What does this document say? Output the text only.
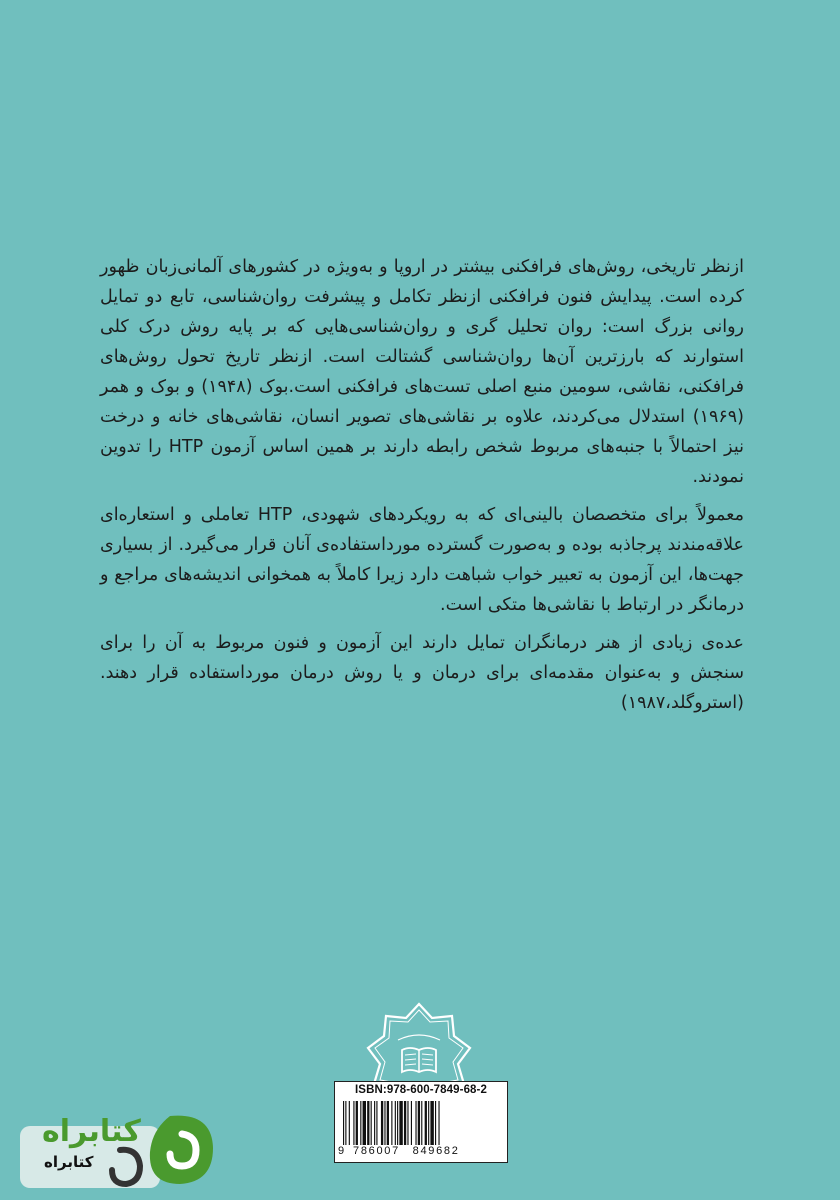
ازنظر تاریخی، روش‌های فرافکنی بیشتر در اروپا و به‌ویژه در کشورهای آلمانی‌زبان ظهور کرده است. پیدایش فنون فرافکنی ازنظر تکامل و پیشرفت روان‌شناسی، تابع دو تمایل روانی بزرگ است: روان تحلیل گری و روان‌شناسی‌هایی که بر پایه روش درک کلی استوارند که بارزترین آن‌ها روان‌شناسی گشتالت است. ازنظر تاریخ تحول روش‌های فرافکنی، نقاشی، سومین منبع اصلی تست‌های فرافکنی است.بوک (۱۹۴۸) و بوک و همر (۱۹۶۹) استدلال می‌کردند، علاوه بر نقاشی‌های تصویر انسان، نقاشی‌های خانه و درخت نیز احتمالاً با جنبه‌های مربوط شخص رابطه دارند بر همین اساس آزمون HTP را تدوین نمودند.

معمولاً برای متخصصان بالینی‌ای که به رویکردهای شهودی، HTP تعاملی و استعاره‌ای علاقه‌مندند پرجاذبه بوده و به‌صورت گسترده مورداستفاده‌ی آنان قرار می‌گیرد. از بسیاری جهت‌ها، این آزمون به تعبیر خواب شباهت دارد زیرا کاملاً به همخوانی اندیشه‌های مراجع و درمانگر در ارتباط با نقاشی‌ها متکی است.

عده‌ی زیادی از هنر درمانگران تمایل دارند این آزمون و فنون مربوط به آن را برای سنجش و به‌عنوان مقدمه‌ای برای درمان و یا روش درمان مورداستفاده قرار دهند. (استروگلد،۱۹۸۷)

ISBN:978-600-7849-68-2
9 786007 849682
کتابراه
کتابراه
